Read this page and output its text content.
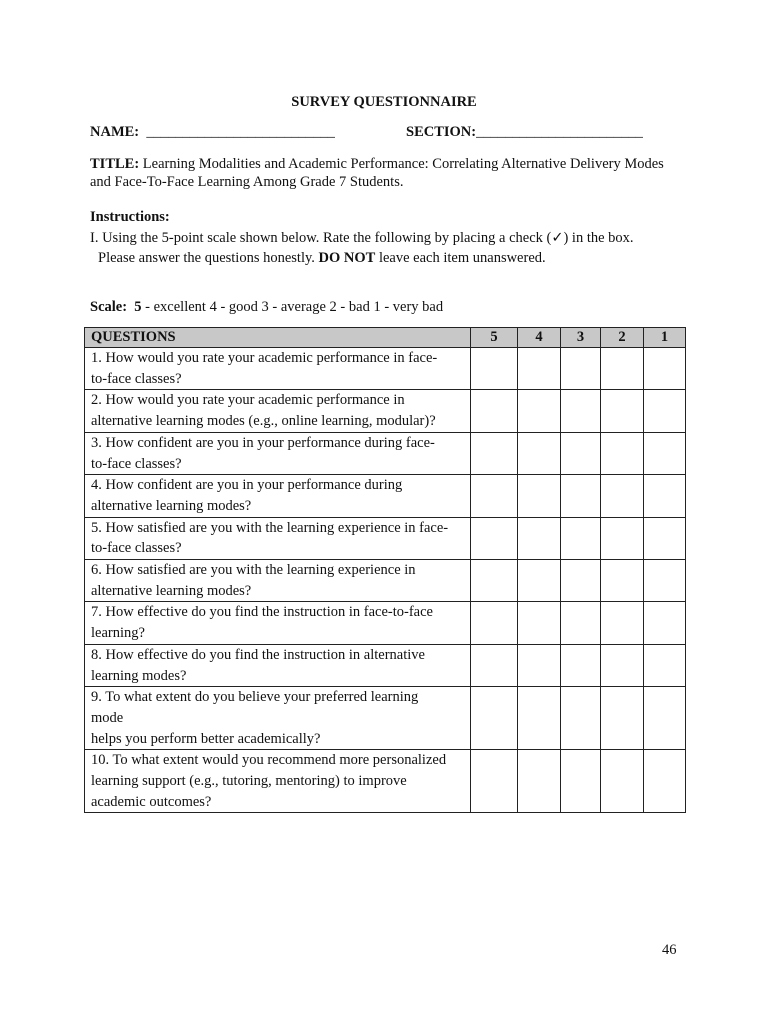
SURVEY QUESTIONNAIRE
NAME: __________________________	SECTION:_______________________
TITLE: Learning Modalities and Academic Performance: Correlating Alternative Delivery Modes and Face-To-Face Learning Among Grade 7 Students.
Instructions:
I. Using the 5-point scale shown below. Rate the following by placing a check (✓) in the box.
Please answer the questions honestly. DO NOT leave each item unanswered.
Scale: 5 - excellent 4 - good 3 - average 2 - bad 1 - very bad
QUESTIONS	5	4	3	2	1
1. How would you rate your academic performance in face-
to-face classes?					
2. How would you rate your academic performance in
alternative learning modes (e.g., online learning, modular)?					
3. How confident are you in your performance during face-
to-face classes?					
4. How confident are you in your performance during
alternative learning modes?					
5. How satisfied are you with the learning experience in face-
to-face classes?					
6. How satisfied are you with the learning experience in
alternative learning modes?					
7. How effective do you find the instruction in face-to-face
learning?					
8. How effective do you find the instruction in alternative
learning modes?					
9. To what extent do you believe your preferred learning
mode
helps you perform better academically?					
10. To what extent would you recommend more personalized
learning support (e.g., tutoring, mentoring) to improve
academic outcomes?					
46
